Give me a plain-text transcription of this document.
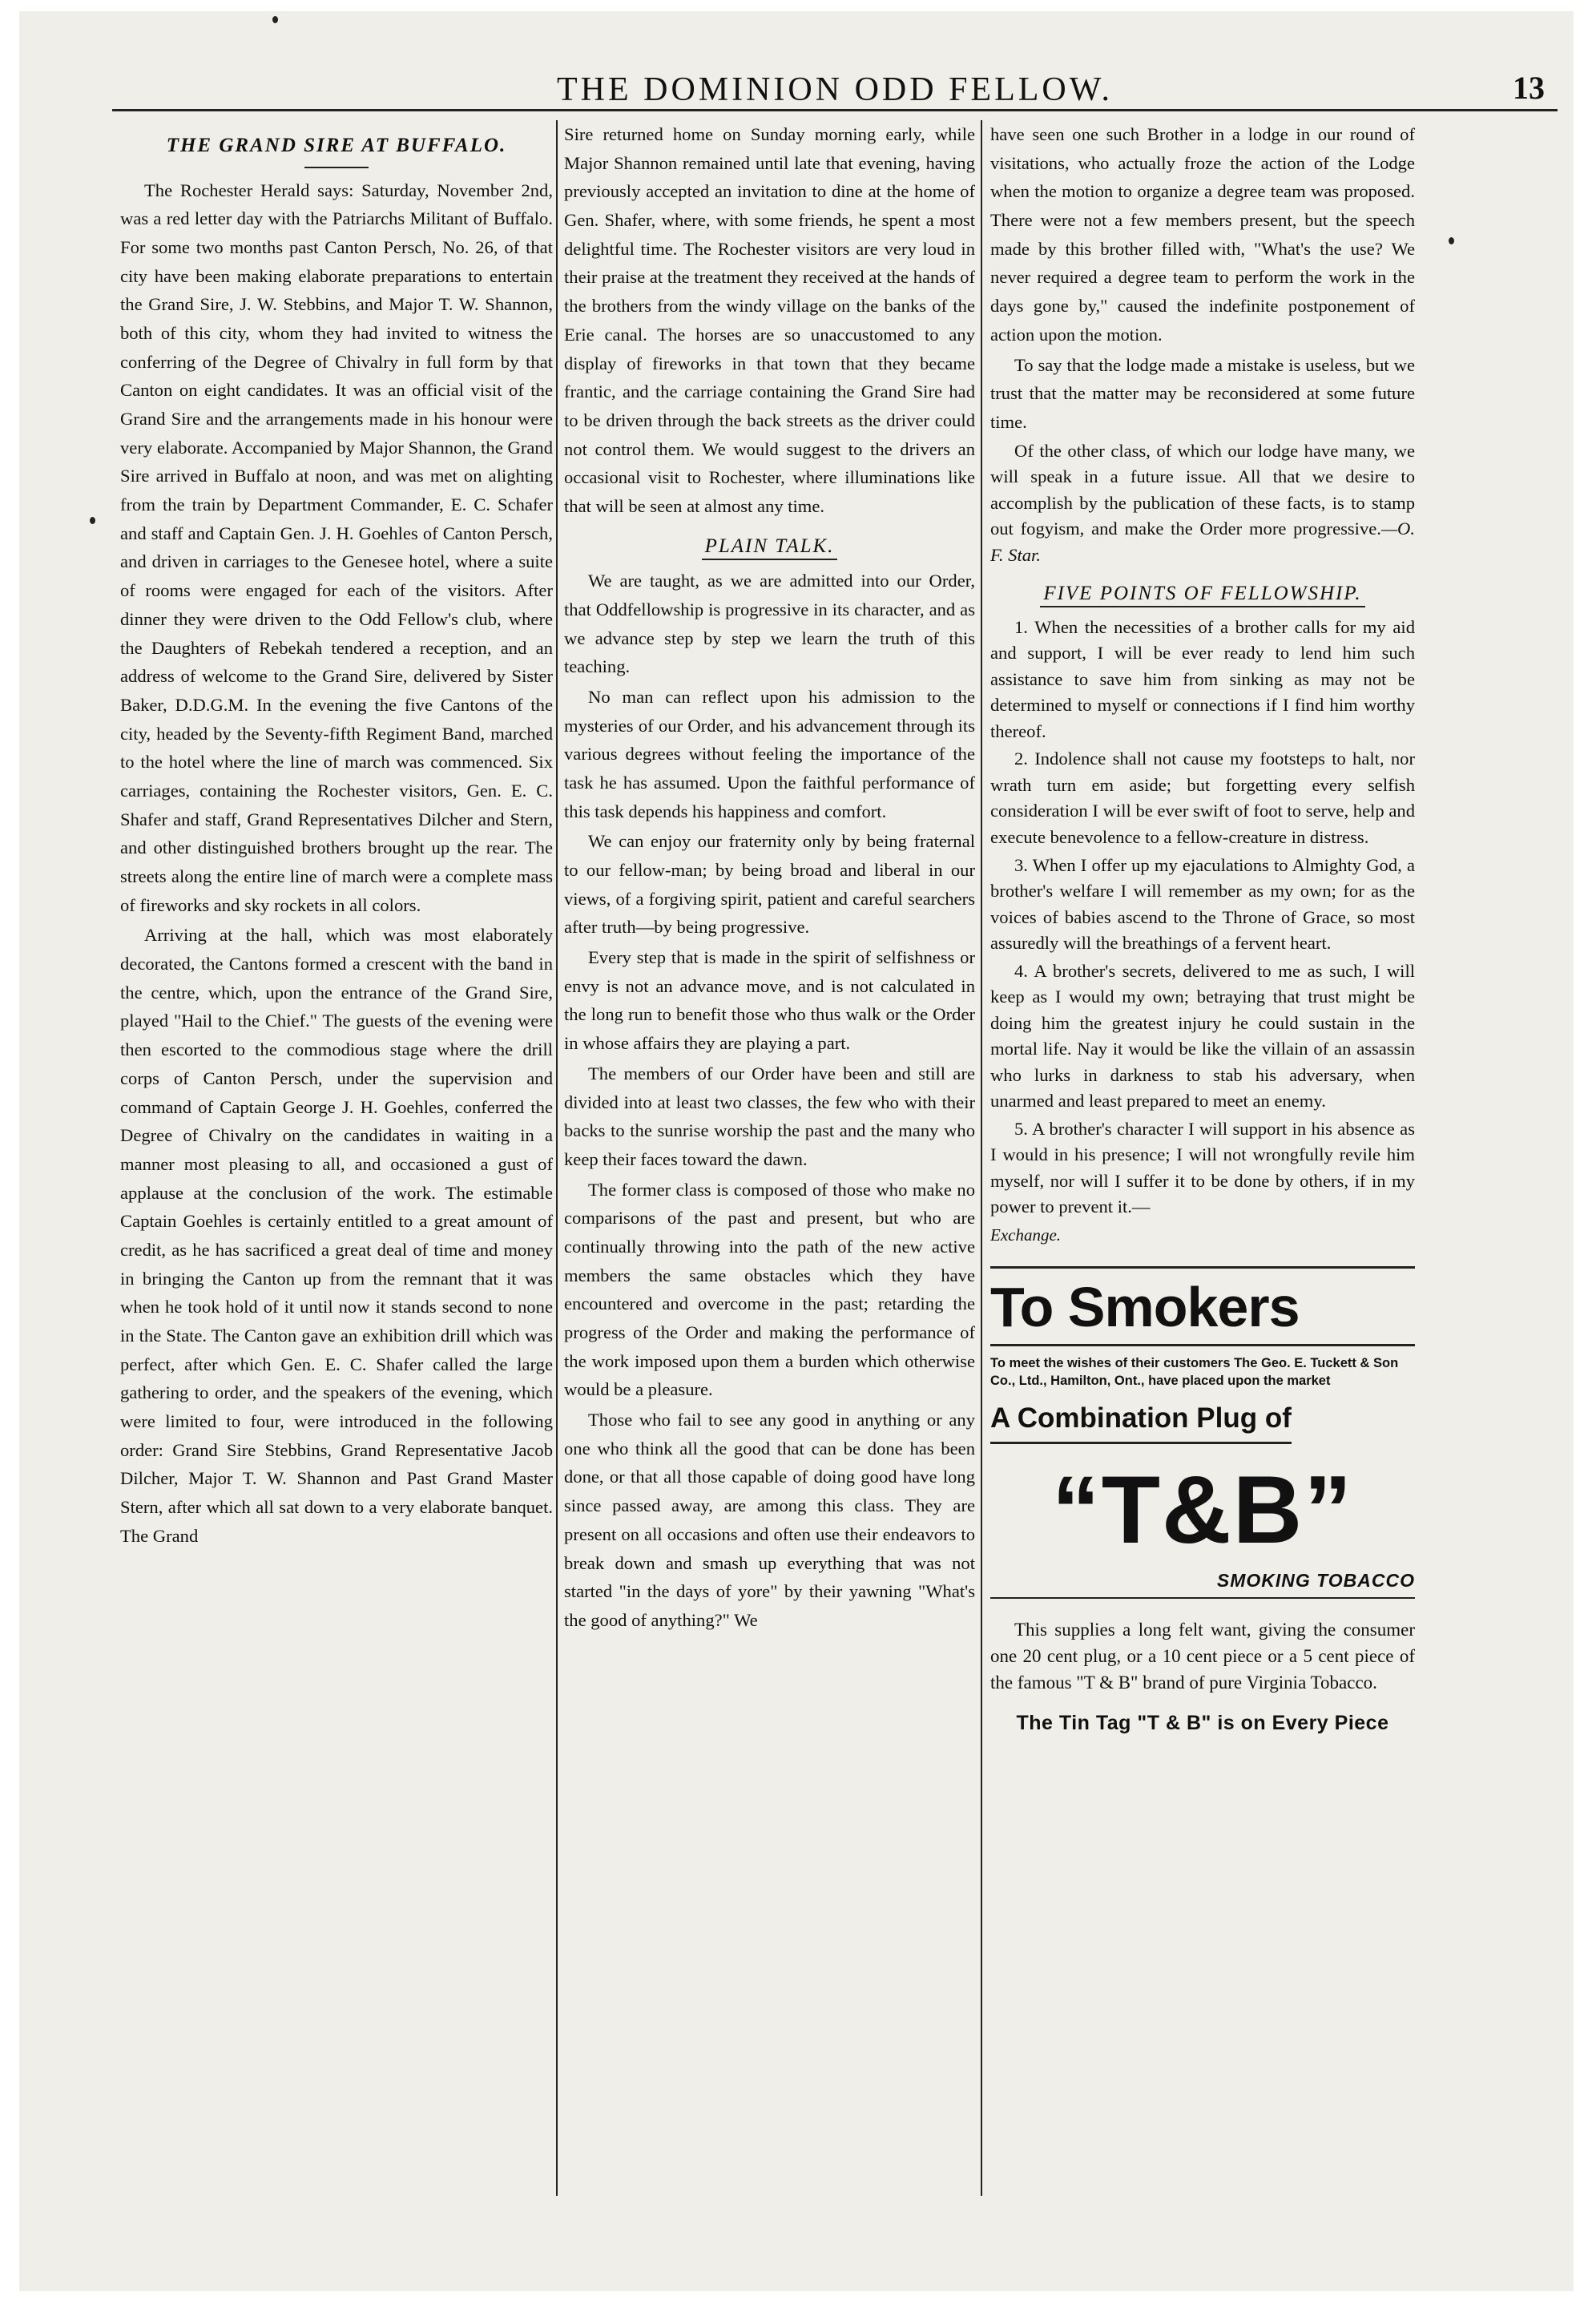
THE DOMINION ODD FELLOW.	13
THE GRAND SIRE AT BUFFALO.

The Rochester Herald says: Saturday, November 2nd, was a red letter day with the Patriarchs Militant of Buffalo. For some two months past Canton Persch, No. 26, of that city have been making elaborate preparations to entertain the Grand Sire, J. W. Stebbins, and Major T. W. Shannon, both of this city, whom they had invited to witness the conferring of the Degree of Chivalry in full form by that Canton on eight candidates. It was an official visit of the Grand Sire and the arrangements made in his honour were very elaborate. Accompanied by Major Shannon, the Grand Sire arrived in Buffalo at noon, and was met on alighting from the train by Department Commander, E. C. Schafer and staff and Captain Gen. J. H. Goehles of Canton Persch, and driven in carriages to the Genesee hotel, where a suite of rooms were engaged for each of the visitors. After dinner they were driven to the Odd Fellow's club, where the Daughters of Rebekah tendered a reception, and an address of welcome to the Grand Sire, delivered by Sister Baker, D.D.G.M. In the evening the five Cantons of the city, headed by the Seventy-fifth Regiment Band, marched to the hotel where the line of march was commenced. Six carriages, containing the Rochester visitors, Gen. E. C. Shafer and staff, Grand Representatives Dilcher and Stern, and other distinguished brothers brought up the rear. The streets along the entire line of march were a complete mass of fireworks and sky rockets in all colors.

Arriving at the hall, which was most elaborately decorated, the Cantons formed a crescent with the band in the centre, which, upon the entrance of the Grand Sire, played "Hail to the Chief." The guests of the evening were then escorted to the commodious stage where the drill corps of Canton Persch, under the supervision and command of Captain George J. H. Goehles, conferred the Degree of Chivalry on the candidates in waiting in a manner most pleasing to all, and occasioned a gust of applause at the conclusion of the work. The estimable Captain Goehles is certainly entitled to a great amount of credit, as he has sacrificed a great deal of time and money in bringing the Canton up from the remnant that it was when he took hold of it until now it stands second to none in the State. The Canton gave an exhibition drill which was perfect, after which Gen. E. C. Shafer called the large gathering to order, and the speakers of the evening, which were limited to four, were introduced in the following order: Grand Sire Stebbins, Grand Representative Jacob Dilcher, Major T. W. Shannon and Past Grand Master Stern, after which all sat down to a very elaborate banquet. The Grand

Sire returned home on Sunday morning early, while Major Shannon remained until late that evening, having previously accepted an invitation to dine at the home of Gen. Shafer, where, with some friends, he spent a most delightful time. The Rochester visitors are very loud in their praise at the treatment they received at the hands of the brothers from the windy village on the banks of the Erie canal. The horses are so unaccustomed to any display of fireworks in that town that they became frantic, and the carriage containing the Grand Sire had to be driven through the back streets as the driver could not control them. We would suggest to the drivers an occasional visit to Rochester, where illuminations like that will be seen at almost any time.

PLAIN TALK.

We are taught, as we are admitted into our Order, that Oddfellowship is progressive in its character, and as we advance step by step we learn the truth of this teaching.

No man can reflect upon his admission to the mysteries of our Order, and his advancement through its various degrees without feeling the importance of the task he has assumed. Upon the faithful performance of this task depends his happiness and comfort.

We can enjoy our fraternity only by being fraternal to our fellow-man; by being broad and liberal in our views, of a forgiving spirit, patient and careful searchers after truth—by being progressive.

Every step that is made in the spirit of selfishness or envy is not an advance move, and is not calculated in the long run to benefit those who thus walk or the Order in whose affairs they are playing a part.

The members of our Order have been and still are divided into at least two classes, the few who with their backs to the sunrise worship the past and the many who keep their faces toward the dawn.

The former class is composed of those who make no comparisons of the past and present, but who are continually throwing into the path of the new active members the same obstacles which they have encountered and overcome in the past; retarding the progress of the Order and making the performance of the work imposed upon them a burden which otherwise would be a pleasure.

Those who fail to see any good in anything or any one who think all the good that can be done has been done, or that all those capable of doing good have long since passed away, are among this class. They are present on all occasions and often use their endeavors to break down and smash up everything that was not started "in the days of yore" by their yawning "What's the good of anything?" We

have seen one such Brother in a lodge in our round of visitations, who actually froze the action of the Lodge when the motion to organize a degree team was proposed. There were not a few members present, but the speech made by this brother filled with, "What's the use? We never required a degree team to perform the work in the days gone by," caused the indefinite postponement of action upon the motion.

To say that the lodge made a mistake is useless, but we trust that the matter may be reconsidered at some future time.

Of the other class, of which our lodge have many, we will speak in a future issue. All that we desire to accomplish by the publication of these facts, is to stamp out fogyism, and make the Order more progressive.—O. F. Star.

FIVE POINTS OF FELLOWSHIP.

1. When the necessities of a brother calls for my aid and support, I will be ever ready to lend him such assistance to save him from sinking as may not be determined to myself or connections if I find him worthy thereof.

2. Indolence shall not cause my footsteps to halt, nor wrath turn em aside; but forgetting every selfish consideration I will be ever swift of foot to serve, help and execute benevolence to a fellow-creature in distress.

3. When I offer up my ejaculations to Almighty God, a brother's welfare I will remember as my own; for as the voices of babies ascend to the Throne of Grace, so most assuredly will the breathings of a fervent heart.

4. A brother's secrets, delivered to me as such, I will keep as I would my own; betraying that trust might be doing him the greatest injury he could sustain in the mortal life. Nay it would be like the villain of an assassin who lurks in darkness to stab his adversary, when unarmed and least prepared to meet an enemy.

5. A brother's character I will support in his absence as I would in his presence; I will not wrongfully revile him myself, nor will I suffer it to be done by others, if in my power to prevent it.—

Exchange.
To Smokers
To meet the wishes of their customers The Geo. E. Tuckett & Son Co., Ltd., Hamilton, Ont., have placed upon the market
A Combination Plug of
“T&B”
SMOKING TOBACCO
This supplies a long felt want, giving the consumer one 20 cent plug, or a 10 cent piece or a 5 cent piece of the famous "T & B" brand of pure Virginia Tobacco.
The Tin Tag "T & B" is on Every Piece
